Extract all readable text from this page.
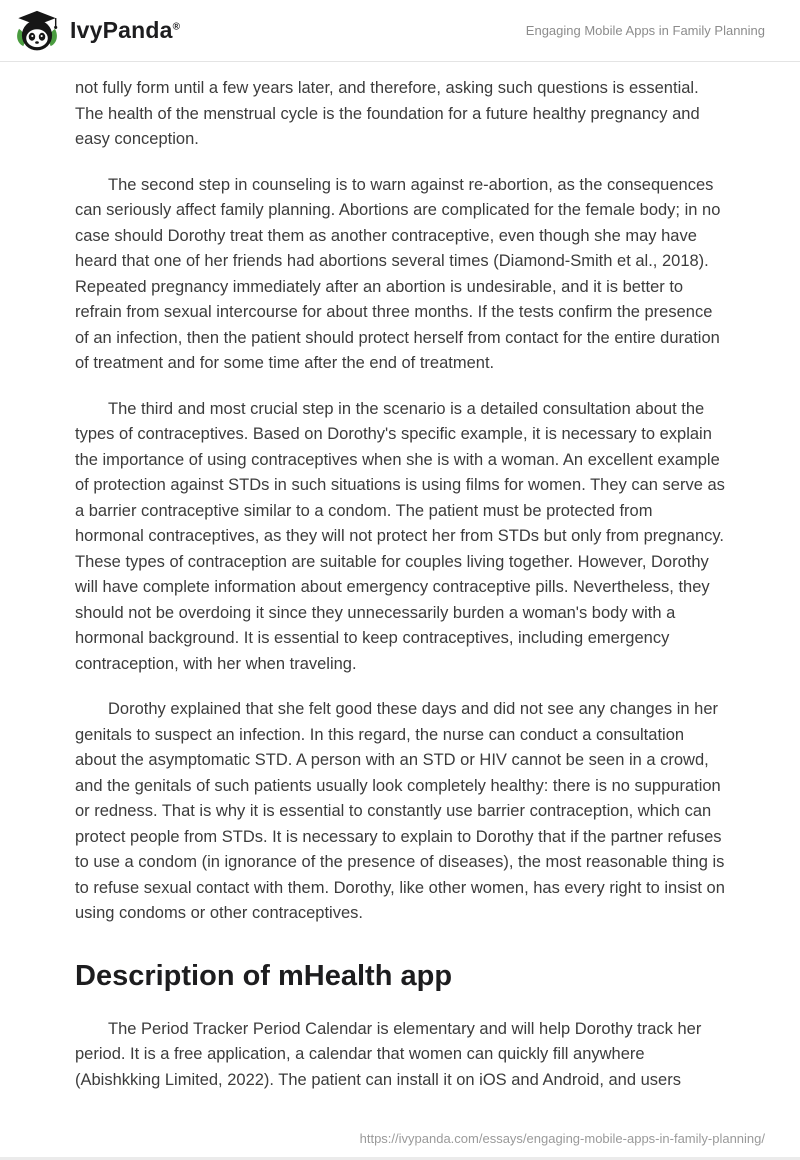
IvyPanda®	Engaging Mobile Apps in Family Planning

not fully form until a few years later, and therefore, asking such questions is essential. The health of the menstrual cycle is the foundation for a future healthy pregnancy and easy conception.

The second step in counseling is to warn against re-abortion, as the consequences can seriously affect family planning. Abortions are complicated for the female body; in no case should Dorothy treat them as another contraceptive, even though she may have heard that one of her friends had abortions several times (Diamond-Smith et al., 2018). Repeated pregnancy immediately after an abortion is undesirable, and it is better to refrain from sexual intercourse for about three months. If the tests confirm the presence of an infection, then the patient should protect herself from contact for the entire duration of treatment and for some time after the end of treatment.

The third and most crucial step in the scenario is a detailed consultation about the types of contraceptives. Based on Dorothy's specific example, it is necessary to explain the importance of using contraceptives when she is with a woman. An excellent example of protection against STDs in such situations is using films for women. They can serve as a barrier contraceptive similar to a condom. The patient must be protected from hormonal contraceptives, as they will not protect her from STDs but only from pregnancy. These types of contraception are suitable for couples living together. However, Dorothy will have complete information about emergency contraceptive pills. Nevertheless, they should not be overdoing it since they unnecessarily burden a woman's body with a hormonal background. It is essential to keep contraceptives, including emergency contraception, with her when traveling.

Dorothy explained that she felt good these days and did not see any changes in her genitals to suspect an infection. In this regard, the nurse can conduct a consultation about the asymptomatic STD. A person with an STD or HIV cannot be seen in a crowd, and the genitals of such patients usually look completely healthy: there is no suppuration or redness. That is why it is essential to constantly use barrier contraception, which can protect people from STDs. It is necessary to explain to Dorothy that if the partner refuses to use a condom (in ignorance of the presence of diseases), the most reasonable thing is to refuse sexual contact with them. Dorothy, like other women, has every right to insist on using condoms or other contraceptives.

Description of mHealth app

The Period Tracker Period Calendar is elementary and will help Dorothy track her period. It is a free application, a calendar that women can quickly fill anywhere (Abishkking Limited, 2022). The patient can install it on iOS and Android, and users

https://ivypanda.com/essays/engaging-mobile-apps-in-family-planning/
